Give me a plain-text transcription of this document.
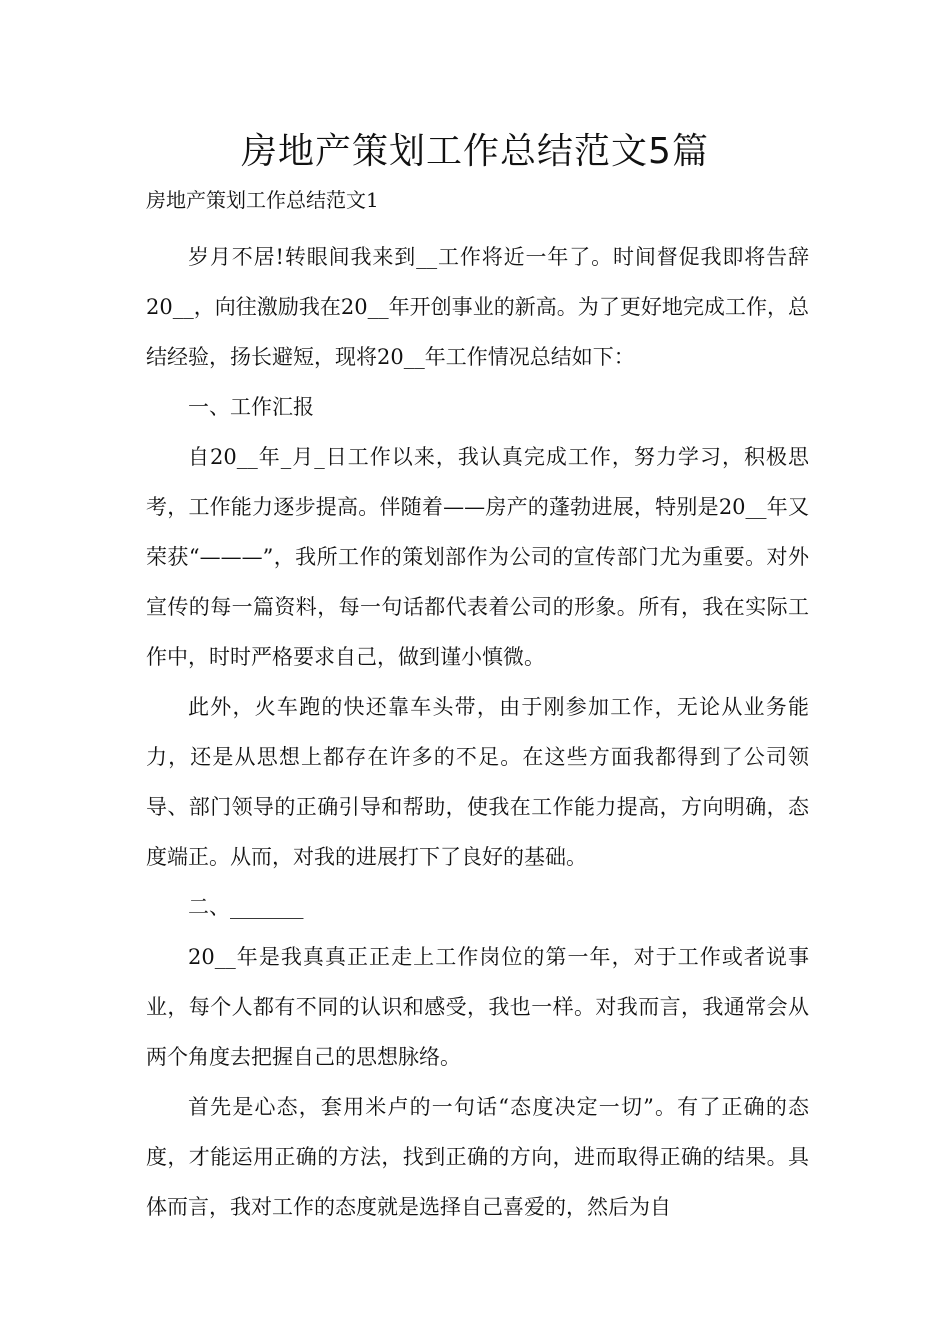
房地产策划工作总结范文5篇

房地产策划工作总结范文1

岁月不居!转眼间我来到__工作将近一年了。时间督促我即将告辞20__，向往激励我在20__年开创事业的新高。为了更好地完成工作，总结经验，扬长避短，现将20__年工作情况总结如下：

一、工作汇报

自20__年_月_日工作以来，我认真完成工作，努力学习，积极思考，工作能力逐步提高。伴随着——房产的蓬勃进展，特别是20__年又荣获“———”，我所工作的策划部作为公司的宣传部门尤为重要。对外宣传的每一篇资料，每一句话都代表着公司的形象。所有，我在实际工作中，时时严格要求自己，做到谨小慎微。

此外，火车跑的快还靠车头带，由于刚参加工作，无论从业务能力，还是从思想上都存在许多的不足。在这些方面我都得到了公司领导、部门领导的正确引导和帮助，使我在工作能力提高，方向明确，态度端正。从而，对我的进展打下了良好的基础。

二、_______

20__年是我真真正正走上工作岗位的第一年，对于工作或者说事业，每个人都有不同的认识和感受，我也一样。对我而言，我通常会从两个角度去把握自己的思想脉络。

首先是心态，套用米卢的一句话“态度决定一切”。有了正确的态度，才能运用正确的方法，找到正确的方向，进而取得正确的结果。具体而言，我对工作的态度就是选择自己喜爱的，然后为自
